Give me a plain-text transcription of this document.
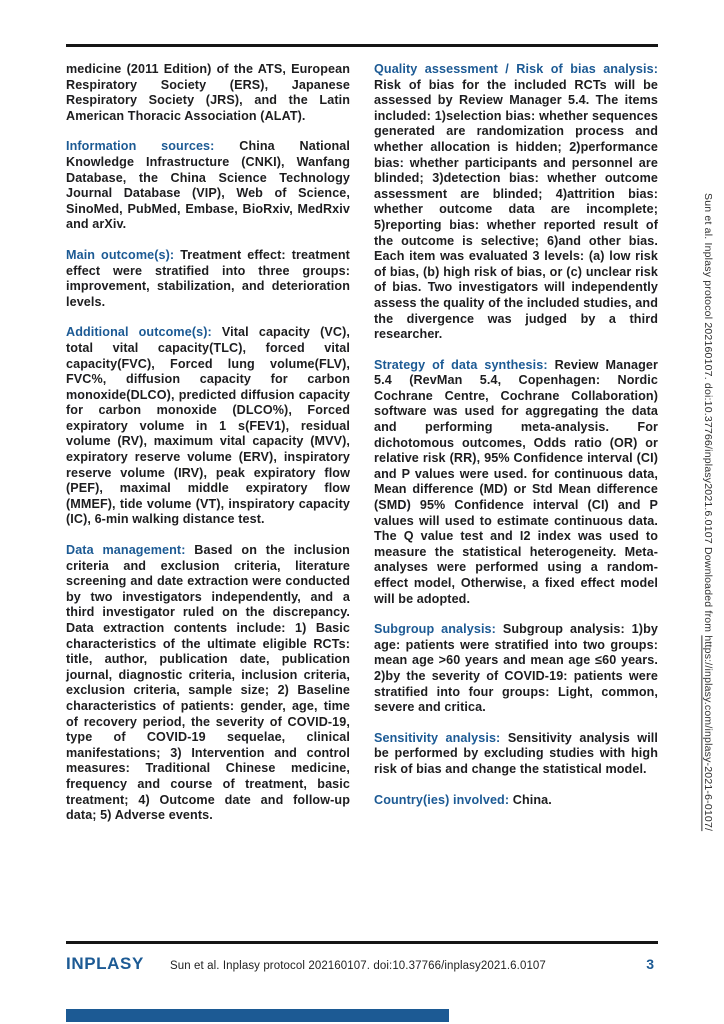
medicine (2011 Edition) of the ATS, European Respiratory Society (ERS), Japanese Respiratory Society (JRS), and the Latin American Thoracic Association (ALAT).

Information sources: China National Knowledge Infrastructure (CNKI), Wanfang Database, the China Science Technology Journal Database (VIP), Web of Science, SinoMed, PubMed, Embase, BioRxiv, MedRxiv and arXiv.

Main outcome(s): Treatment effect: treatment effect were stratified into three groups: improvement, stabilization, and deterioration levels.

Additional outcome(s): Vital capacity (VC), total vital capacity(TLC), forced vital capacity(FVC), Forced lung volume(FLV), FVC%, diffusion capacity for carbon monoxide(DLCO), predicted diffusion capacity for carbon monoxide (DLCO%), Forced expiratory volume in 1 s(FEV1), residual volume (RV), maximum vital capacity (MVV), expiratory reserve volume (ERV), inspiratory reserve volume (IRV), peak expiratory flow (PEF), maximal middle expiratory flow (MMEF), tide volume (VT), inspiratory capacity (IC), 6-min walking distance test.

Data management: Based on the inclusion criteria and exclusion criteria, literature screening and date extraction were conducted by two investigators independently, and a third investigator ruled on the discrepancy. Data extraction contents include: 1) Basic characteristics of the ultimate eligible RCTs: title, author, publication date, publication journal, diagnostic criteria, inclusion criteria, exclusion criteria, sample size; 2) Baseline characteristics of patients: gender, age, time of recovery period, the severity of COVID-19, type of COVID-19 sequelae, clinical manifestations; 3) Intervention and control measures: Traditional Chinese medicine, frequency and course of treatment, basic treatment; 4) Outcome date and follow-up data; 5) Adverse events.

Quality assessment / Risk of bias analysis: Risk of bias for the included RCTs will be assessed by Review Manager 5.4. The items included: 1)selection bias: whether sequences generated are randomization process and whether allocation is hidden; 2)performance bias: whether participants and personnel are blinded; 3)detection bias: whether outcome assessment are blinded; 4)attrition bias: whether outcome data are incomplete; 5)reporting bias: whether reported result of the outcome is selective; 6)and other bias. Each item was evaluated 3 levels: (a) low risk of bias, (b) high risk of bias, or (c) unclear risk of bias. Two investigators will independently assess the quality of the included studies, and the divergence was judged by a third researcher.

Strategy of data synthesis: Review Manager 5.4 (RevMan 5.4, Copenhagen: Nordic Cochrane Centre, Cochrane Collaboration) software was used for aggregating the data and performing meta-analysis. For dichotomous outcomes, Odds ratio (OR) or relative risk (RR), 95% Confidence interval (CI) and P values were used. for continuous data, Mean difference (MD) or Std Mean difference (SMD) 95% Confidence interval (CI) and P values will used to estimate continuous data. The Q value test and I2 index was used to measure the statistical heterogeneity. Meta-analyses were performed using a random-effect model, Otherwise, a fixed effect model will be adopted.

Subgroup analysis: Subgroup analysis: 1)by age: patients were stratified into two groups: mean age >60 years and mean age ≤60 years. 2)by the severity of COVID-19: patients were stratified into four groups: Light, common, severe and critica.

Sensitivity analysis: Sensitivity analysis will be performed by excluding studies with high risk of bias and change the statistical model.

Country(ies) involved: China.

Sun et al. Inplasy protocol 202160107. doi:10.37766/inplasy2021.6.0107 Downloaded from https://inplasy.com/inplasy-2021-6-0107/
INPLASY	Sun et al. Inplasy protocol 202160107. doi:10.37766/inplasy2021.6.0107	3
